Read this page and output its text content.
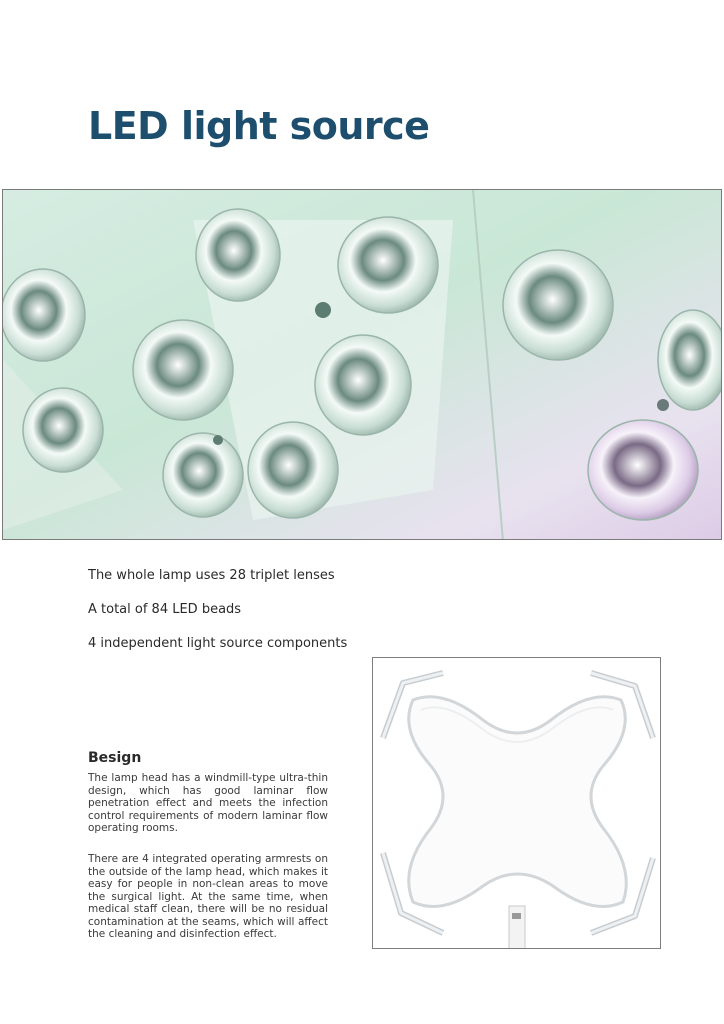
LED light source

The whole lamp uses 28 triplet lenses

A total of 84 LED beads

4 independent light source components

Besign

The lamp head has a windmill-type ultra-thin design, which has good laminar flow penetration effect and meets the infection control requirements of modern laminar flow operating rooms.

There are 4 integrated operating armrests on the outside of the lamp head, which makes it easy for people in non-clean areas to move the surgical light. At the same time, when medical staff clean, there will be no residual contamination at the seams, which will affect the cleaning and disinfection effect.
